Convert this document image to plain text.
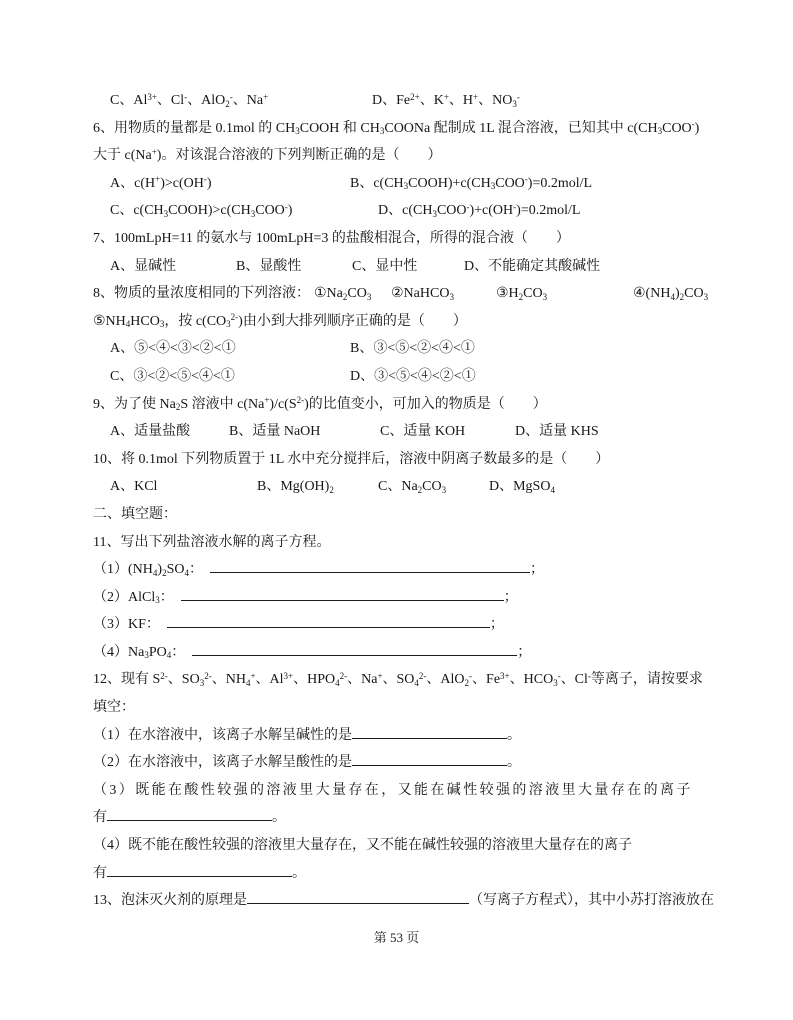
C、$Al^{3+}$、Cl-、AlO$_2$-、Na+	D、$Fe^{2+}$、K+、H+、$NO_3^-$
6、用物质的量都是 0.1mol 的 $CH_3COOH$ 和 $CH_3COONa$ 配制成 1L 混合溶液，已知其中 $c(CH_3COO^-)$
大于 c(Na+)。对该混合溶液的下列判断正确的是（　　）
A、c(H+)>c(OH-)	B、$c(CH_3COOH)+c(CH_3COO^-)=0.2mol/L$
C、$c(CH_3COOH)>c(CH_3COO^-)$	D、$c(CH_3COO^-)+c(OH^-)=0.2mol/L$
7、100mLpH=11 的氨水与 100mLpH=3 的盐酸相混合，所得的混合液（　　）
A、显碱性	B、显酸性	C、显中性	D、不能确定其酸碱性
8、物质的量浓度相同的下列溶液： $①Na_2CO_3$ ②NaHCO$_3$	$③H_2CO_3$	$④(NH_4)_2CO_3$
$⑤NH_4HCO_3$，按 $c(CO_3^{2-})$由小到大排列顺序正确的是（　　）
A、⑤<④<③<②<①	B、③<⑤<②<④<①
C、③<②<⑤<④<①	D、③<⑤<④<②<①
9、为了使 $Na_2S$ 溶液中 $c(Na^+)/c(S^{2-})$的比值变小，可加入的物质是（　　）
A、适量盐酸	B、适量 NaOH	C、适量 KOH	D、适量 KHS
10、将 0.1mol 下列物质置于 1L 水中充分搅拌后，溶液中阴离子数最多的是（　　）
A、KCl	B、$Mg(OH)_2$	C、$Na_2CO_3$	D、MgSO$_4$
二、填空题：
11、写出下列盐溶液水解的离子方程。
$(1)(NH_4)_2SO_4$：　	；
（2）AlCl$_3$：　	；
（3）KF：　	；
$(4)Na_3PO_4$：　	；
12、现有 $S^{2-}$、$SO_3^{2-}$、$NH_4^+$、$Al^{3+}$、$HPO_4^{2-}$、Na+、$SO_4^{2-}$、AlO$_2$-、$Fe^{3+}$、$HCO_3^-$、Cl-等离子，请按要求
填空：
（1）在水溶液中，该离子水解呈碱性的是	。
（2）在水溶液中，该离子水解呈酸性的是	。
（3）既能在酸性较强的溶液里大量存在，又能在碱性较强的溶液里大量存在的离子
有	。
（4）既不能在酸性较强的溶液里大量存在，又不能在碱性较强的溶液里大量存在的离子
有	。
13、泡沫灭火剂的原理是	（写离子方程式），其中小苏打溶液放在
第 53 页
